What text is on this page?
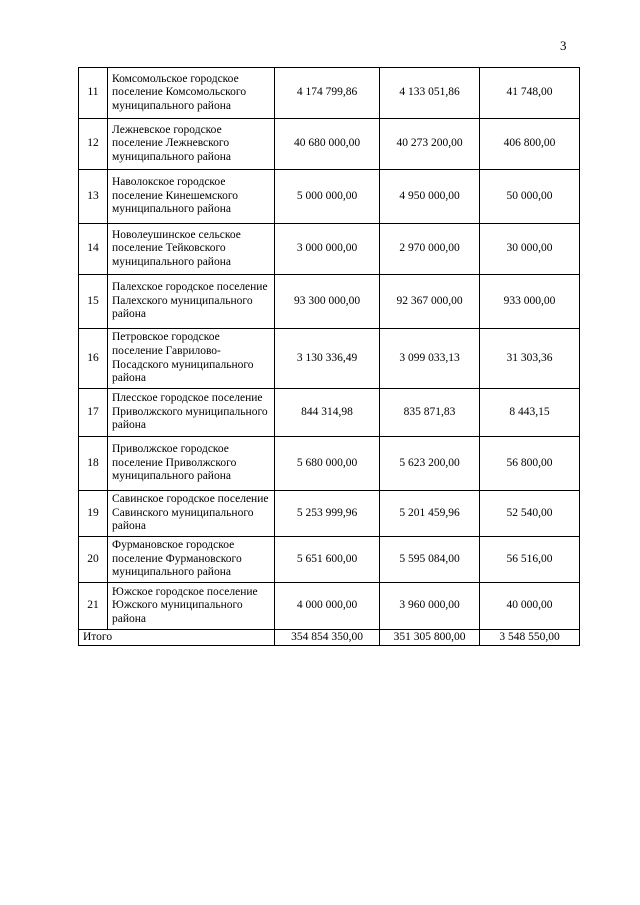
3
11	Комсомольское городское поселение Комсомольского муниципального района	4 174 799,86	4 133 051,86	41 748,00
12	Лежневское городское поселение Лежневского муниципального района	40 680 000,00	40 273 200,00	406 800,00
13	Наволокское городское поселение Кинешемского муниципального района	5 000 000,00	4 950 000,00	50 000,00
14	Новолеушинское сельское поселение Тейковского муниципального района	3 000 000,00	2 970 000,00	30 000,00
15	Палехское городское поселение Палехского муниципального района	93 300 000,00	92 367 000,00	933 000,00
16	Петровское городское поселение Гаврилово-Посадского муниципального района	3 130 336,49	3 099 033,13	31 303,36
17	Плесское городское поселение Приволжского муниципального района	844 314,98	835 871,83	8 443,15
18	Приволжское городское поселение Приволжского муниципального района	5 680 000,00	5 623 200,00	56 800,00
19	Савинское городское поселение Савинского муниципального района	5 253 999,96	5 201 459,96	52 540,00
20	Фурмановское городское поселение Фурмановского муниципального района	5 651 600,00	5 595 084,00	56 516,00
21	Южское городское поселение Южского муниципального района	4 000 000,00	3 960 000,00	40 000,00
Итого		354 854 350,00	351 305 800,00	3 548 550,00
